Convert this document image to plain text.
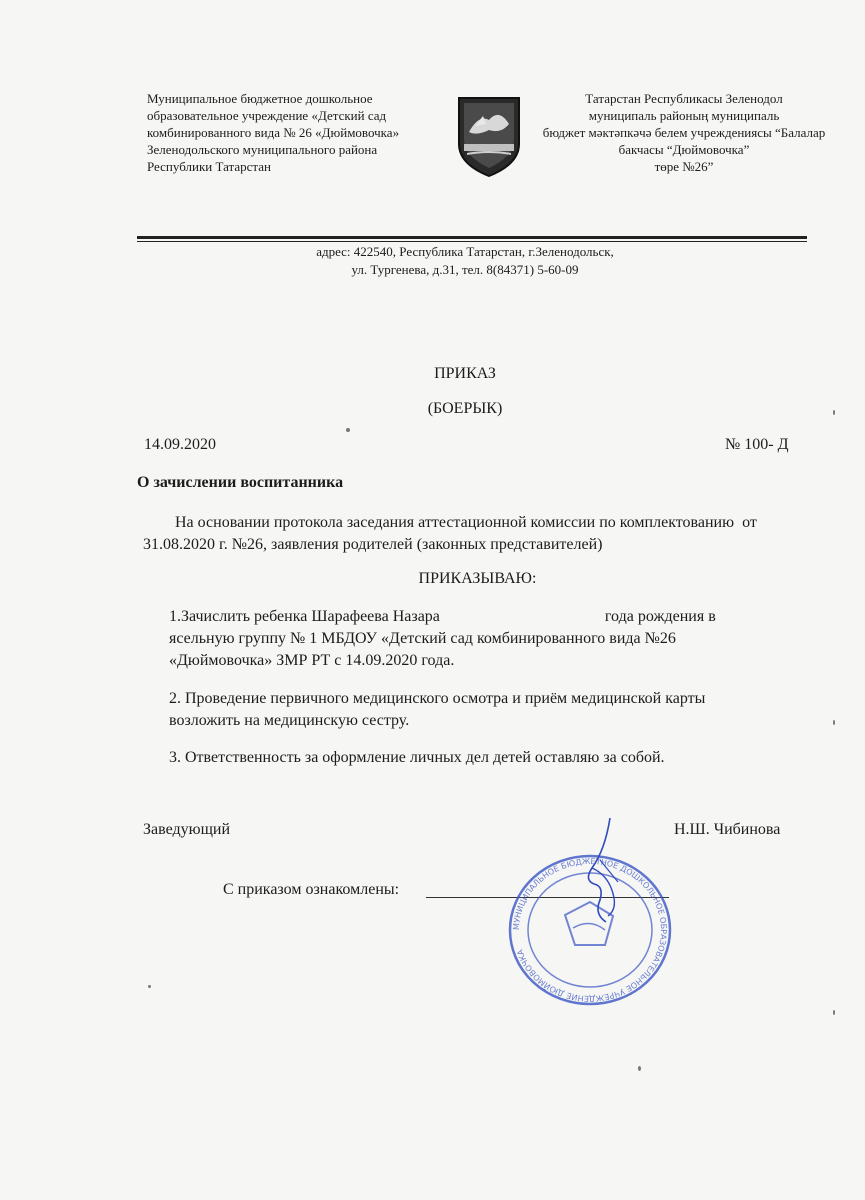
Муниципальное бюджетное дошкольное
образовательное учреждение «Детский сад
комбинированного вида № 26 «Дюймовочка»
Зеленодольского муниципального района
Республики Татарстан
Татарстан Республикасы Зеленодол
муниципаль районың муниципаль
бюджет мәктәпкәчә белем учреждениясы “Балалар
бакчасы “Дюймовочка”
төре №26”
адрес: 422540, Республика Татарстан, г.Зеленодольск,
ул. Тургенева, д.31, тел. 8(84371) 5-60-09
ПРИКАЗ
(БОЕРЫК)
14.09.2020	№ 100- Д
О зачислении воспитанника
На основании протокола заседания аттестационной комиссии по комплектованию  от
31.08.2020 г. №26, заявления родителей (законных представителей)
ПРИКАЗЫВАЮ:
1.Зачислить ребенка Шарафеева Назара	года рождения в
ясельную группу № 1 МБДОУ «Детский сад комбинированного вида №26
«Дюймовочка» ЗМР РТ с 14.09.2020 года.
2. Проведение первичного медицинского осмотра и приём медицинской карты
возложить на медицинскую сестру.
3. Ответственность за оформление личных дел детей оставляю за собой.
Заведующий	Н.Ш. Чибинова
С приказом ознакомлены:
МУНИЦИПАЛЬНОЕ БЮДЖЕТНОЕ ДОШКОЛЬНОЕ ОБРАЗОВАТЕЛЬНОЕ УЧРЕЖДЕНИЕ ДЮЙМОВОЧКА
